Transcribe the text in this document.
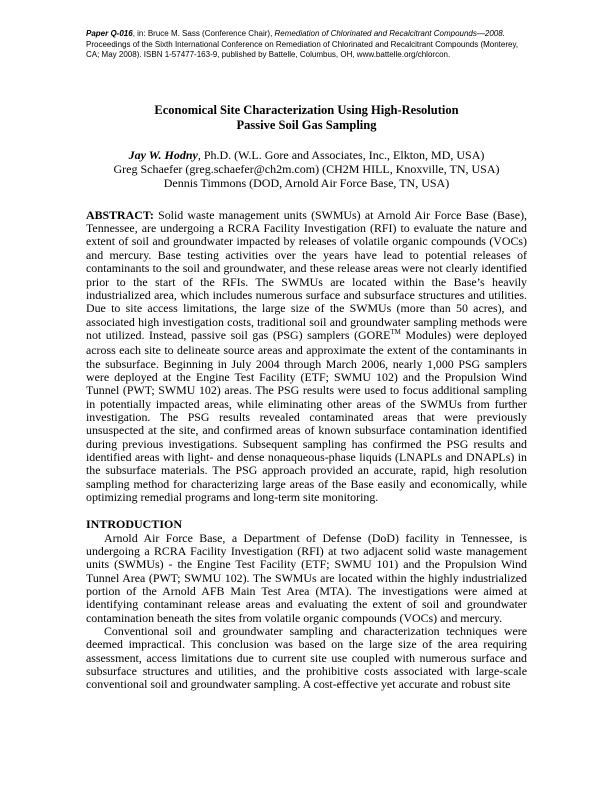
Paper Q-016, in: Bruce M. Sass (Conference Chair), Remediation of Chlorinated and Recalcitrant Compounds—2008. Proceedings of the Sixth International Conference on Remediation of Chlorinated and Recalcitrant Compounds (Monterey, CA; May 2008). ISBN 1-57477-163-9, published by Battelle, Columbus, OH, www.battelle.org/chlorcon.
Economical Site Characterization Using High-Resolution
Passive Soil Gas Sampling
Jay W. Hodny, Ph.D. (W.L. Gore and Associates, Inc., Elkton, MD, USA)
Greg Schaefer (greg.schaefer@ch2m.com) (CH2M HILL, Knoxville, TN, USA)
Dennis Timmons (DOD, Arnold Air Force Base, TN, USA)
ABSTRACT: Solid waste management units (SWMUs) at Arnold Air Force Base (Base), Tennessee, are undergoing a RCRA Facility Investigation (RFI) to evaluate the nature and extent of soil and groundwater impacted by releases of volatile organic compounds (VOCs) and mercury. Base testing activities over the years have lead to potential releases of contaminants to the soil and groundwater, and these release areas were not clearly identified prior to the start of the RFIs. The SWMUs are located within the Base’s heavily industrialized area, which includes numerous surface and subsurface structures and utilities. Due to site access limitations, the large size of the SWMUs (more than 50 acres), and associated high investigation costs, traditional soil and groundwater sampling methods were not utilized. Instead, passive soil gas (PSG) samplers (GORE™ Modules) were deployed across each site to delineate source areas and approximate the extent of the contaminants in the subsurface. Beginning in July 2004 through March 2006, nearly 1,000 PSG samplers were deployed at the Engine Test Facility (ETF; SWMU 102) and the Propulsion Wind Tunnel (PWT; SWMU 102) areas. The PSG results were used to focus additional sampling in potentially impacted areas, while eliminating other areas of the SWMUs from further investigation. The PSG results revealed contaminated areas that were previously unsuspected at the site, and confirmed areas of known subsurface contamination identified during previous investigations. Subsequent sampling has confirmed the PSG results and identified areas with light- and dense nonaqueous-phase liquids (LNAPLs and DNAPLs) in the subsurface materials. The PSG approach provided an accurate, rapid, high resolution sampling method for characterizing large areas of the Base easily and economically, while optimizing remedial programs and long-term site monitoring.
INTRODUCTION

Arnold Air Force Base, a Department of Defense (DoD) facility in Tennessee, is undergoing a RCRA Facility Investigation (RFI) at two adjacent solid waste management units (SWMUs) - the Engine Test Facility (ETF; SWMU 101) and the Propulsion Wind Tunnel Area (PWT; SWMU 102). The SWMUs are located within the highly industrialized portion of the Arnold AFB Main Test Area (MTA). The investigations were aimed at identifying contaminant release areas and evaluating the extent of soil and groundwater contamination beneath the sites from volatile organic compounds (VOCs) and mercury.

Conventional soil and groundwater sampling and characterization techniques were deemed impractical. This conclusion was based on the large size of the area requiring assessment, access limitations due to current site use coupled with numerous surface and subsurface structures and utilities, and the prohibitive costs associated with large-scale conventional soil and groundwater sampling. A cost-effective yet accurate and robust site
